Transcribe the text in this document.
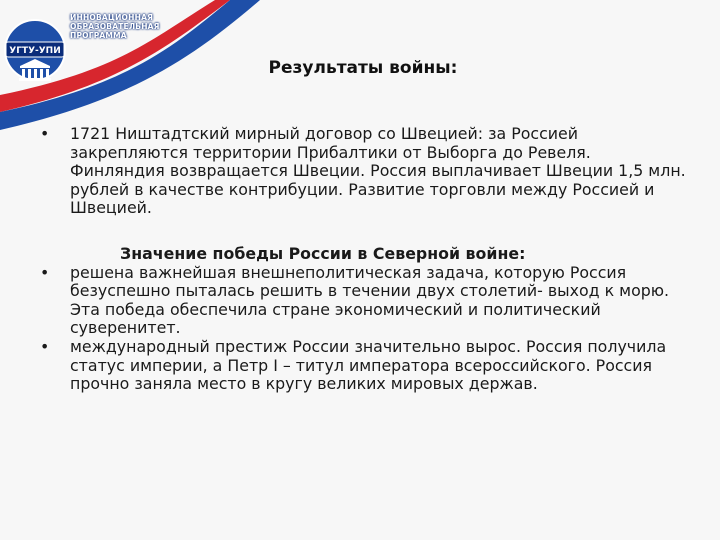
УГТУ-УПИ
ИННОВАЦИОННАЯ
ОБРАЗОВАТЕЛЬНАЯ
ПРОГРАММА
Результаты войны:
•	1721 Ништадтский мирный договор со Швецией: за Россией закрепляются территории Прибалтики от Выборга до Ревеля. Финляндия возвращается Швеции. Россия выплачивает Швеции 1,5 млн. рублей в качестве контрибуции. Развитие торговли между Россией и Швецией.
Значение победы России в Северной войне:
•	решена важнейшая внешнеполитическая задача, которую Россия безуспешно пыталась решить в течении двух столетий- выход к морю. Эта победа обеспечила стране экономический и политический суверенитет.
•	международный престиж России значительно вырос. Россия получила статус империи, а Петр I – титул императора всероссийского. Россия прочно заняла место в кругу великих мировых держав.
